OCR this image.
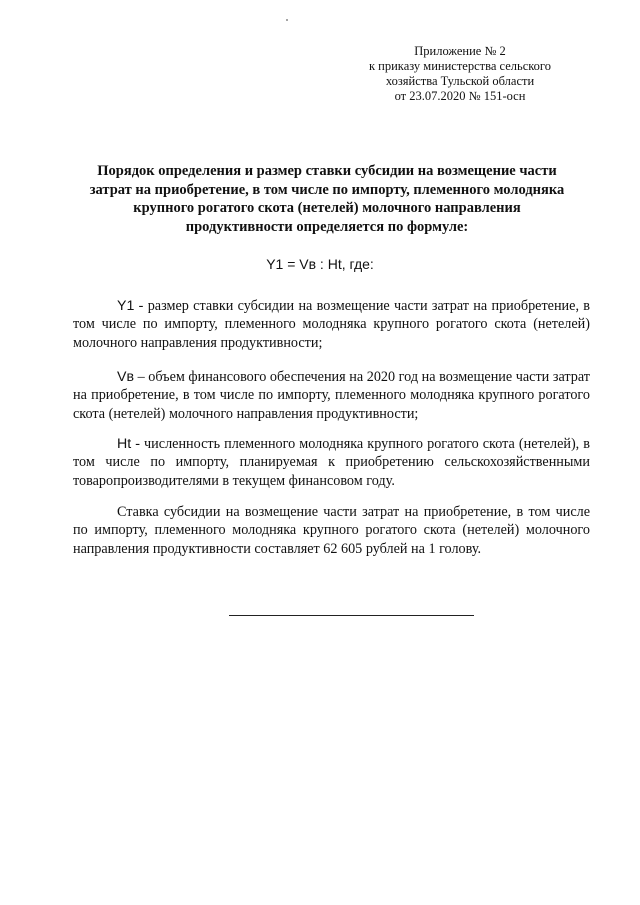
Приложение № 2
к приказу министерства сельского
хозяйства Тульской области
от 23.07.2020 № 151-осн
Порядок определения и размер ставки субсидии на возмещение части
затрат на приобретение, в том числе по импорту, племенного молодняка
крупного рогатого скота (нетелей) молочного направления
продуктивности определяется по формуле:
Y1 = Vв : Ht, где:

Y1 - размер ставки субсидии на возмещение части затрат на приобретение, в том числе по импорту, племенного молодняка крупного рогатого скота (нетелей) молочного направления продуктивности;

Vв – объем финансового обеспечения на 2020 год на возмещение части затрат на приобретение, в том числе по импорту, племенного молодняка крупного рогатого скота (нетелей) молочного направления продуктивности;

Ht - численность племенного молодняка крупного рогатого скота (нетелей), в том числе по импорту, планируемая к приобретению сельскохозяйственными товаропроизводителями в текущем финансовом году.

Ставка субсидии на возмещение части затрат на приобретение, в том числе по импорту, племенного молодняка крупного рогатого скота (нетелей) молочного направления продуктивности составляет 62 605 рублей на 1 голову.
